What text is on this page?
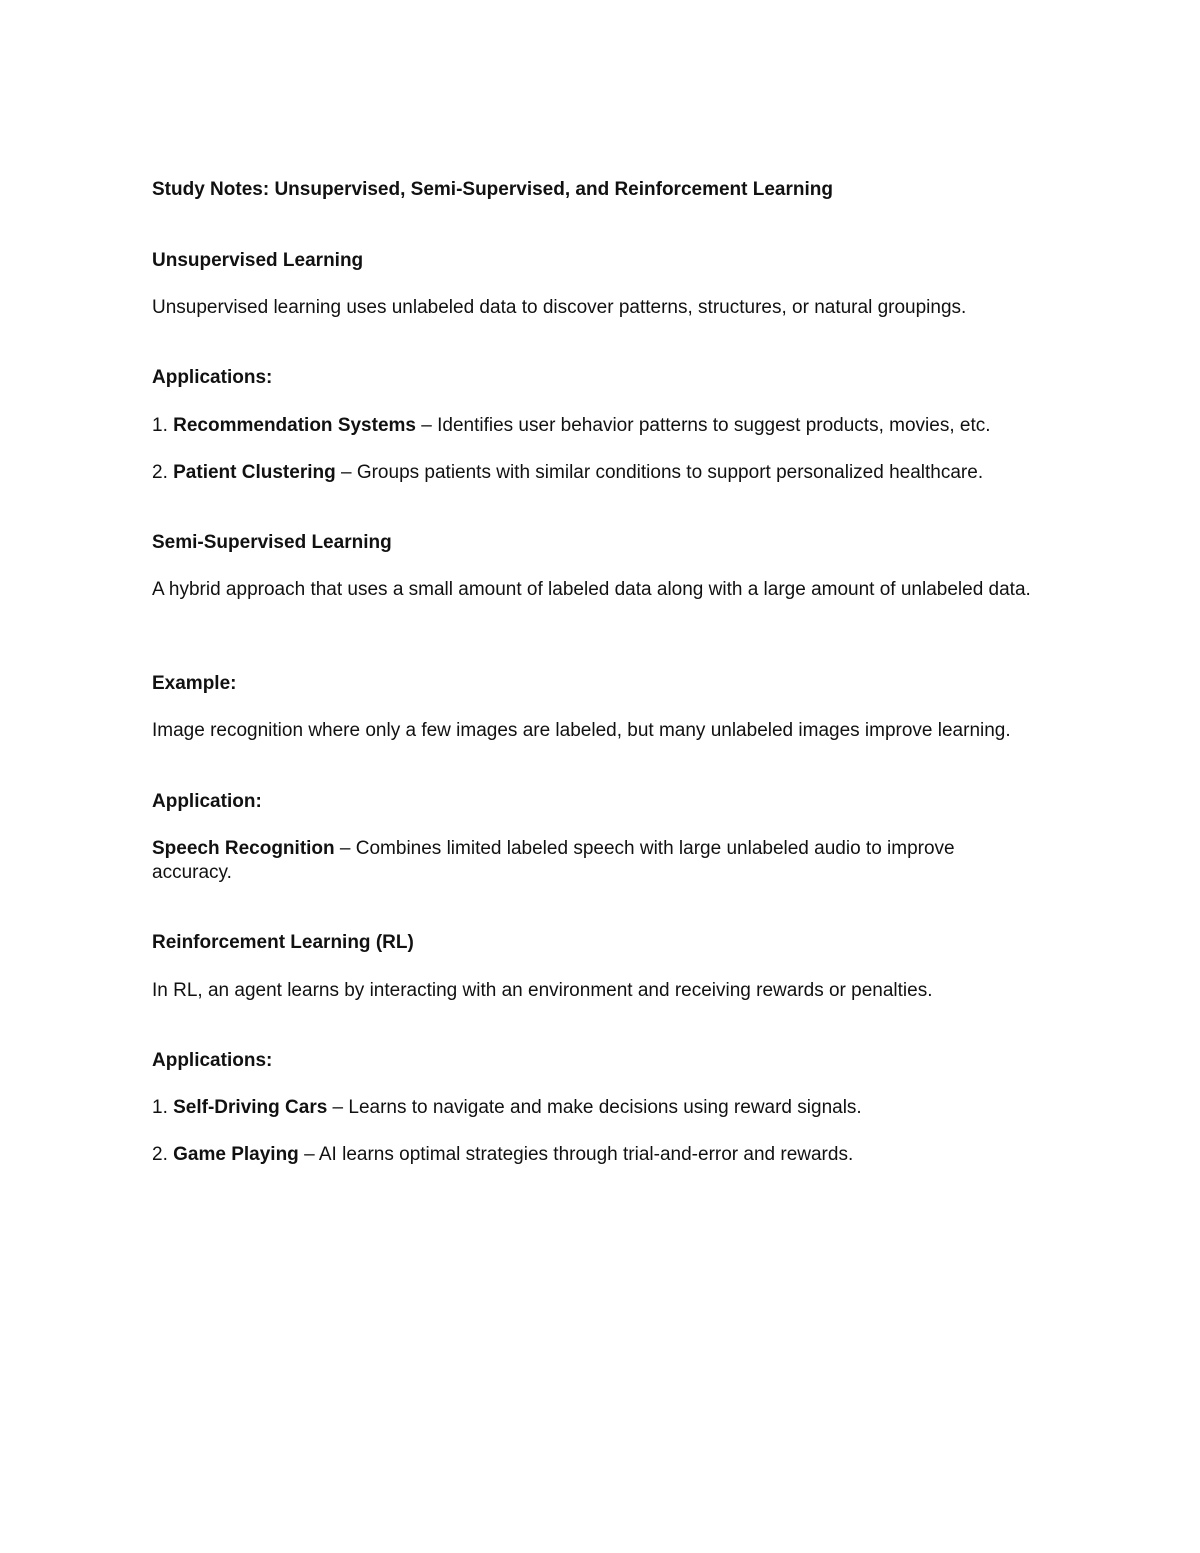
Study Notes: Unsupervised, Semi-Supervised, and Reinforcement Learning

Unsupervised Learning

Unsupervised learning uses unlabeled data to discover patterns, structures, or natural groupings.

Applications:

1. Recommendation Systems – Identifies user behavior patterns to suggest products, movies, etc.

2. Patient Clustering – Groups patients with similar conditions to support personalized healthcare.

Semi-Supervised Learning

A hybrid approach that uses a small amount of labeled data along with a large amount of unlabeled data.

Example:

Image recognition where only a few images are labeled, but many unlabeled images improve learning.

Application:

Speech Recognition – Combines limited labeled speech with large unlabeled audio to improve accuracy.

Reinforcement Learning (RL)

In RL, an agent learns by interacting with an environment and receiving rewards or penalties.

Applications:

1. Self-Driving Cars – Learns to navigate and make decisions using reward signals.

2. Game Playing – AI learns optimal strategies through trial-and-error and rewards.
